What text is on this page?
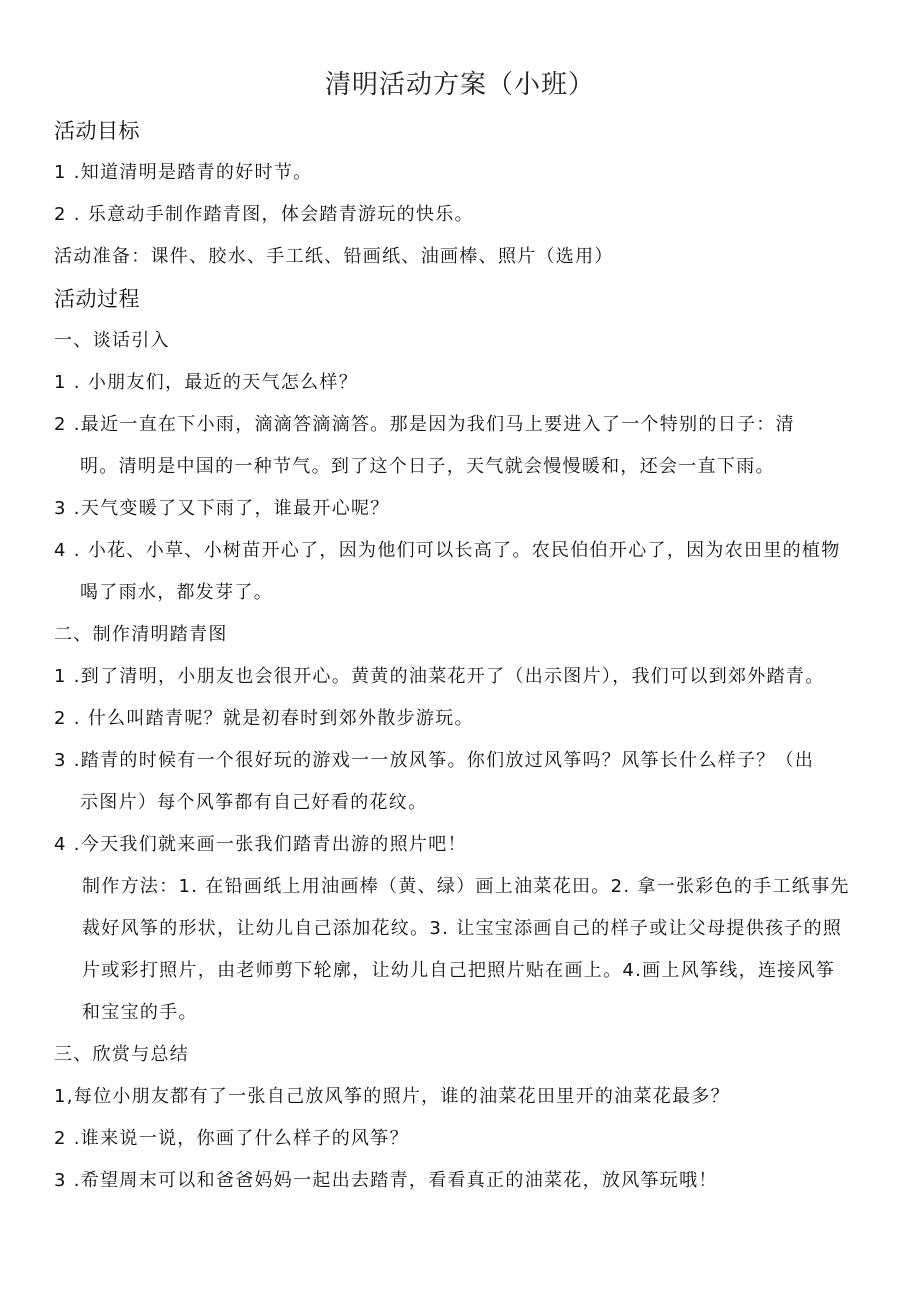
清明活动方案（小班）
活动目标
1 .知道清明是踏青的好时节。
2 . 乐意动手制作踏青图，体会踏青游玩的快乐。
活动准备：课件、胶水、手工纸、铅画纸、油画棒、照片（选用）
活动过程
一、谈话引入
1 . 小朋友们，最近的天气怎么样？
2 .最近一直在下小雨，滴滴答滴滴答。那是因为我们马上要进入了一个特别的日子：清
明。清明是中国的一种节气。到了这个日子，天气就会慢慢暖和，还会一直下雨。
3 .天气变暖了又下雨了，谁最开心呢？
4 . 小花、小草、小树苗开心了，因为他们可以长高了。农民伯伯开心了，因为农田里的植物
喝了雨水，都发芽了。
二、制作清明踏青图
1 .到了清明，小朋友也会很开心。黄黄的油菜花开了（出示图片），我们可以到郊外踏青。
2 . 什么叫踏青呢？就是初春时到郊外散步游玩。
3 .踏青的时候有一个很好玩的游戏一一放风筝。你们放过风筝吗？风筝长什么样子？（出
示图片）每个风筝都有自己好看的花纹。
4 .今天我们就来画一张我们踏青出游的照片吧！
制作方法：1. 在铅画纸上用油画棒（黄、绿）画上油菜花田。2. 拿一张彩色的手工纸事先
裁好风筝的形状，让幼儿自己添加花纹。3. 让宝宝添画自己的样子或让父母提供孩子的照
片或彩打照片，由老师剪下轮廓，让幼儿自己把照片贴在画上。4.画上风筝线，连接风筝
和宝宝的手。
三、欣赏与总结
1,每位小朋友都有了一张自己放风筝的照片，谁的油菜花田里开的油菜花最多？
2 .谁来说一说，你画了什么样子的风筝？
3 .希望周末可以和爸爸妈妈一起出去踏青，看看真正的油菜花，放风筝玩哦！
